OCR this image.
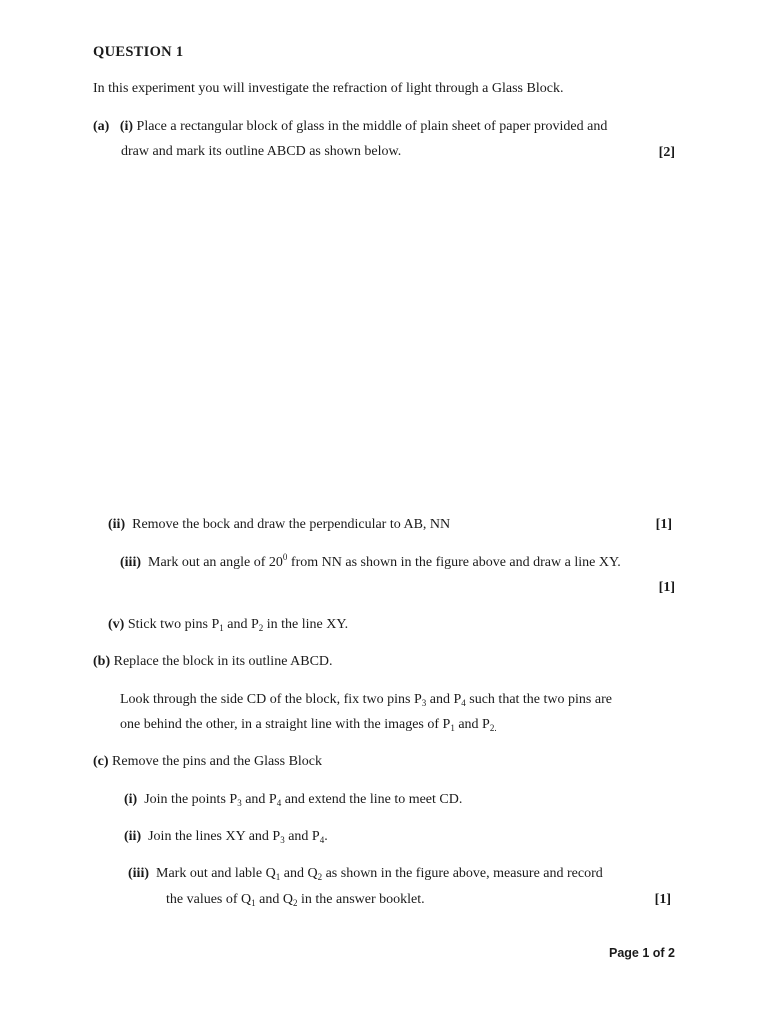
QUESTION 1
In this experiment you will investigate the refraction of light through a Glass Block.
(a) (i) Place a rectangular block of glass in the middle of plain sheet of paper provided and
draw and mark its outline ABCD as shown below.	[2]
(ii) Remove the bock and draw the perpendicular to AB, NN	[1]
(iii) Mark out an angle of $20^0$ from NN as shown in the figure above and draw a line XY.
[1]
(v) Stick two pins $P_1$ and $P_2$ in the line XY.
(b) Replace the block in its outline ABCD.
Look through the side CD of the block, fix two pins $P_3$ and $P_4$ such that the two pins are
one behind the other, in a straight line with the images of $P_1$ and $P_{2.}$
(c) Remove the pins and the Glass Block
(i) Join the points $P_3$ and $P_4$ and extend the line to meet CD.
(ii) Join the lines XY and $P_3$ and $P_4$.
(iii) Mark out and lable $Q_1$ and $Q_2$ as shown in the figure above, measure and record
the values of $Q_1$ and $Q_2$ in the answer booklet.	[1]
Page 1 of 2
